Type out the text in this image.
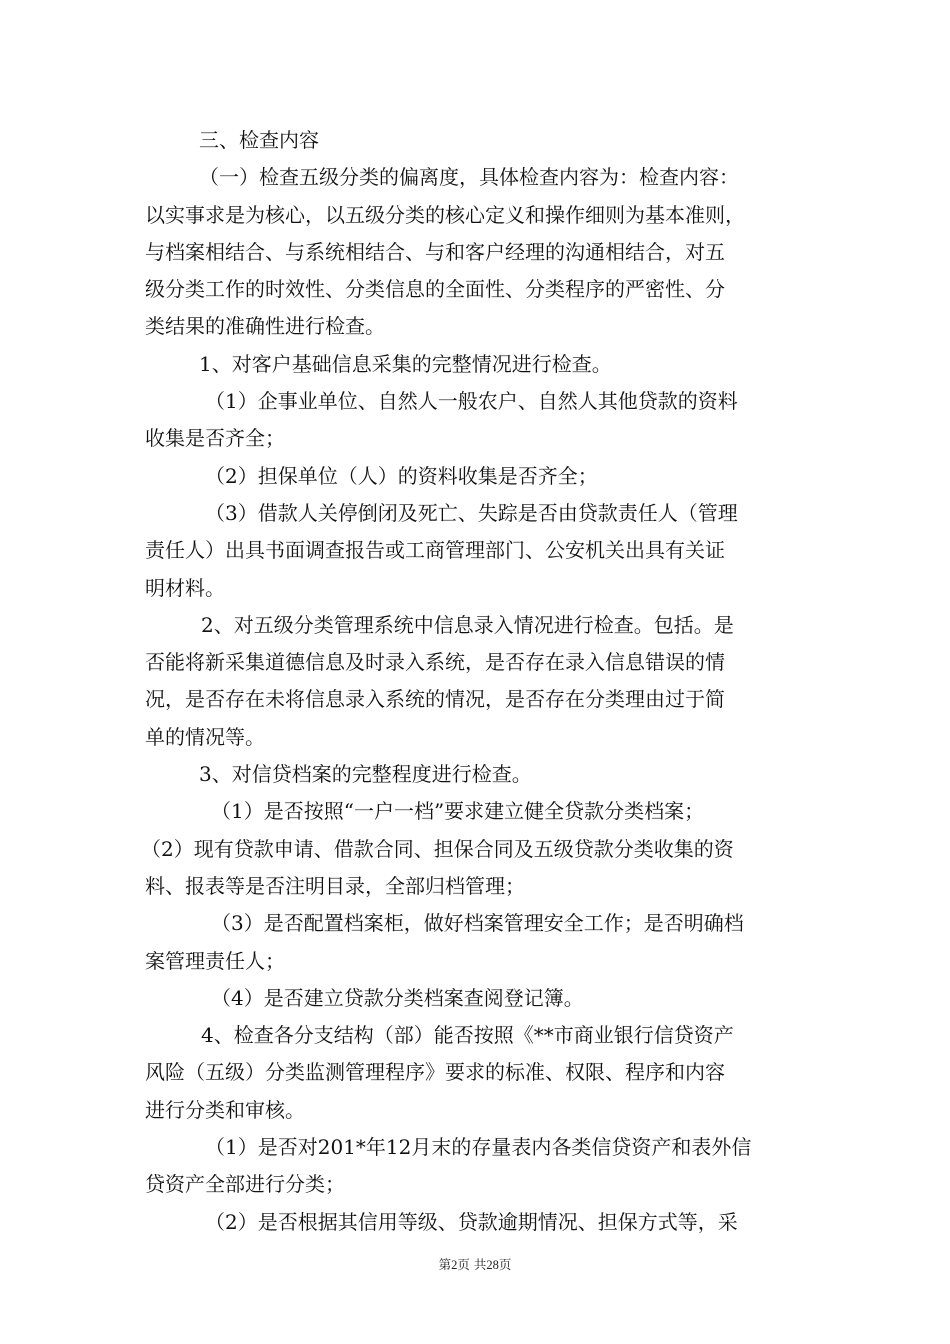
三、检查内容
（一）检查五级分类的偏离度，具体检查内容为：检查内容：
以实事求是为核心，以五级分类的核心定义和操作细则为基本准则，
与档案相结合、与系统相结合、与和客户经理的沟通相结合，对五
级分类工作的时效性、分类信息的全面性、分类程序的严密性、分
类结果的准确性进行检查。
1、对客户基础信息采集的完整情况进行检查。
（1）企事业单位、自然人一般农户、自然人其他贷款的资料
收集是否齐全；
（2）担保单位（人）的资料收集是否齐全；
（3）借款人关停倒闭及死亡、失踪是否由贷款责任人（管理
责任人）出具书面调查报告或工商管理部门、公安机关出具有关证
明材料。
2、对五级分类管理系统中信息录入情况进行检查。包括。是
否能将新采集道德信息及时录入系统，是否存在录入信息错误的情
况，是否存在未将信息录入系统的情况，是否存在分类理由过于简
单的情况等。
3、对信贷档案的完整程度进行检查。
（1）是否按照“一户一档”要求建立健全贷款分类档案；
（2）现有贷款申请、借款合同、担保合同及五级贷款分类收集的资
料、报表等是否注明目录，全部归档管理；
（3）是否配置档案柜，做好档案管理安全工作；是否明确档
案管理责任人；
（4）是否建立贷款分类档案查阅登记簿。
4、检查各分支结构（部）能否按照《**市商业银行信贷资产
风险（五级）分类监测管理程序》要求的标准、权限、程序和内容
进行分类和审核。
（1）是否对201*年12月末的存量表内各类信贷资产和表外信
贷资产全部进行分类；
（2）是否根据其信用等级、贷款逾期情况、担保方式等，采
第2页 共28页
